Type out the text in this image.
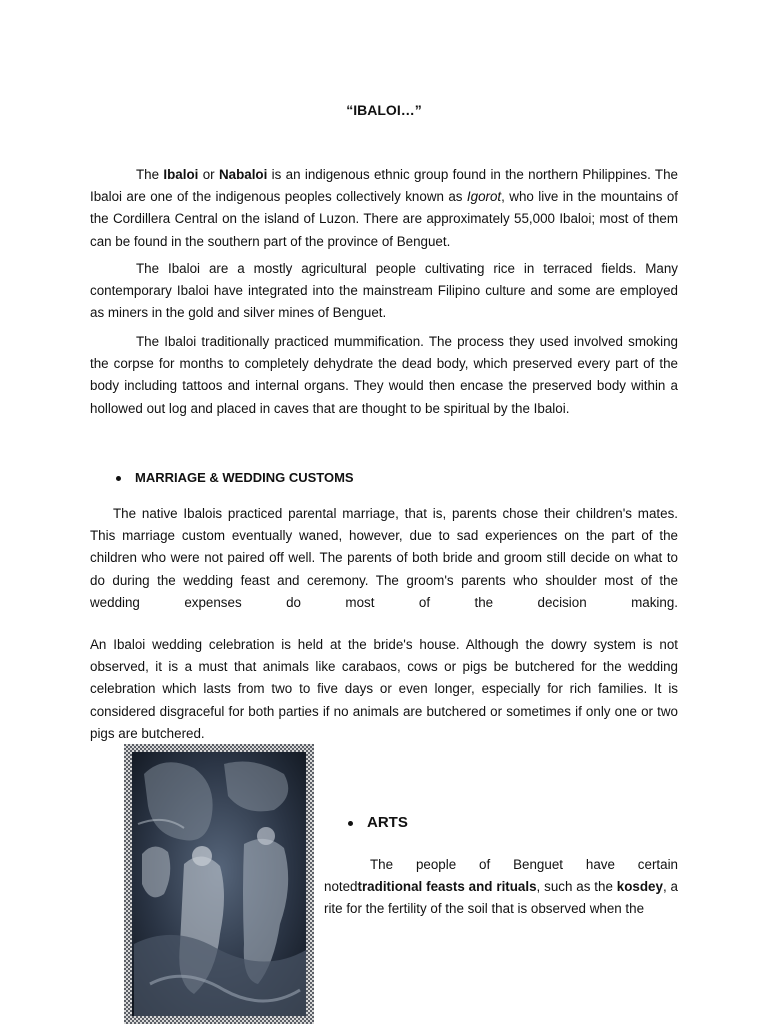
“IBALOI…”

The Ibaloi or Nabaloi is an indigenous ethnic group found in the northern Philippines. The Ibaloi are one of the indigenous peoples collectively known as Igorot, who live in the mountains of the Cordillera Central on the island of Luzon. There are approximately 55,000 Ibaloi; most of them can be found in the southern part of the province of Benguet.

The Ibaloi are a mostly agricultural people cultivating rice in terraced fields. Many contemporary Ibaloi have integrated into the mainstream Filipino culture and some are employed as miners in the gold and silver mines of Benguet.

The Ibaloi traditionally practiced mummification. The process they used involved smoking the corpse for months to completely dehydrate the dead body, which preserved every part of the body including tattoos and internal organs. They would then encase the preserved body within a hollowed out log and placed in caves that are thought to be spiritual by the Ibaloi.

MARRIAGE & WEDDING CUSTOMS

The native Ibalois practiced parental marriage, that is, parents chose their children's mates. This marriage custom eventually waned, however, due to sad experiences on the part of the children who were not paired off well. The parents of both bride and groom still decide on what to do during the wedding feast and ceremony. The groom's parents who shoulder most of the wedding expenses do most of the decision making.

An Ibaloi wedding celebration is held at the bride's house. Although the dowry system is not observed, it is a must that animals like carabaos, cows or pigs be butchered for the wedding celebration which lasts from two to five days or even longer, especially for rich families. It is considered disgraceful for both parties if no animals are butchered or sometimes if only one or two pigs are butchered.

ARTS
The people of Benguet have certain
notedtraditional feasts and rituals, such as the kosdey, a rite for the fertility of the soil that is observed when the
